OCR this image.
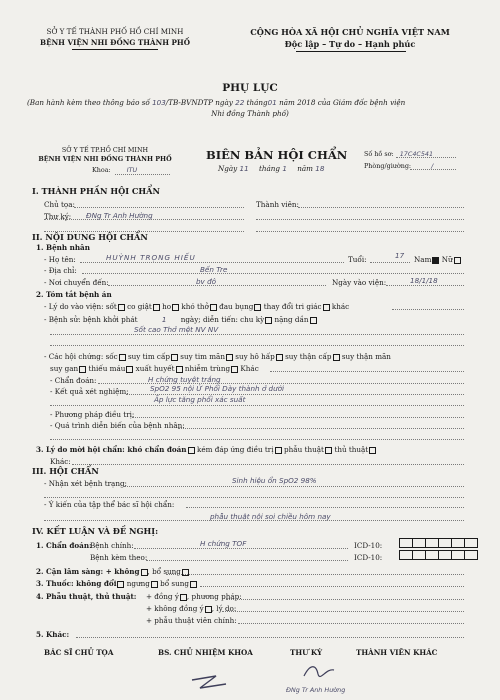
SỞ Y TẾ THÀNH PHỐ HỒ CHÍ MINH
BỆNH VIỆN NHI ĐỒNG THÀNH PHỐ
CỘNG HÒA XÃ HỘI CHỦ NGHĨA VIỆT NAM
Độc lập – Tự do – Hạnh phúc
PHỤ LỤC
(Ban hành kèm theo thông báo số 103/TB-BVNDTP ngày 22 tháng01 năm 2018 của Giám đốc bệnh viện
Nhi đồng Thành phố)
SỞ Y TẾ TP.HỒ CHÍ MINH
BỆNH VIỆN NHI ĐỒNG THÀNH PHỐ
Khoa:	ITU
BIÊN BẢN HỘI CHẨN
Ngày 11 tháng 1 năm 18
Số hồ sơ: 17C4C541
Phòng/giường:	/
I. THÀNH PHẦN HỘI CHẨN
Chủ tọa:	Thành viên:
Thư ký: ĐNg Tr Anh Hường
II. NỘI DUNG HỘI CHẨN
1. Bệnh nhân
- Họ tên:	HUỲNH TRỌNG HIẾU	Tuổi:	17 Nam Nữ
- Địa chỉ:	Bến Tre
- Nơi chuyển đến:	bv đô	Ngày vào viện:	18/1/18
2. Tóm tắt bệnh án
- Lý do vào viện: sốt co giật ho khó thở đau bụng thay đổi tri giác khác
- Bệnh sử: bệnh khởi phát	1 ngày; diễn tiến: chu kỳ nặng dần
Sốt cao Thở mệt NV NV
- Các hội chứng: sốc suy tim cấp suy tim mãn suy hô hấp suy thận cấp suy thận mãn
suy gan thiếu máu xuất huyết nhiễm trùng Khác
- Chẩn đoán:	H chứng tuyệt trắng
- Kết quả xét nghiệm:	SpO2 95 nội Ứ Phổi Dày thành ở dưới
Ấp lực tăng phổi xác suất
- Phương pháp điều trị:
- Quá trình diễn biến của bệnh nhân:
3. Lý do mời hội chẩn: khó chẩn đoán kém đáp ứng điều trị phẫu thuật thủ thuật
Khác:
III. HỘI CHẨN
- Nhận xét bệnh trạng:	Sinh hiệu ổn SpO2 98%
- Ý kiến của tập thể bác sĩ hội chẩn:
phẫu thuật nội soi chiều hôm nay
IV. KẾT LUẬN VÀ ĐỀ NGHỊ:
1. Chẩn đoán:
Bệnh chính:	H chứng TOF	ICD-10:
Bệnh kèm theo:	ICD-10:
2. Cận lâm sàng: + không , bổ sung
3. Thuốc: không đổi ngưng bổ sung
4. Phẫu thuật, thủ thuật: + đồng ý , phương pháp:
+ không đồng ý , lý do:
+ phẫu thuật viên chính:
5. Khác:
BÁC SĨ CHỦ TỌA	BS. CHỦ NHIỆM KHOA	THƯ KÝ	THÀNH VIÊN KHÁC
ĐNg Tr Anh Hường
